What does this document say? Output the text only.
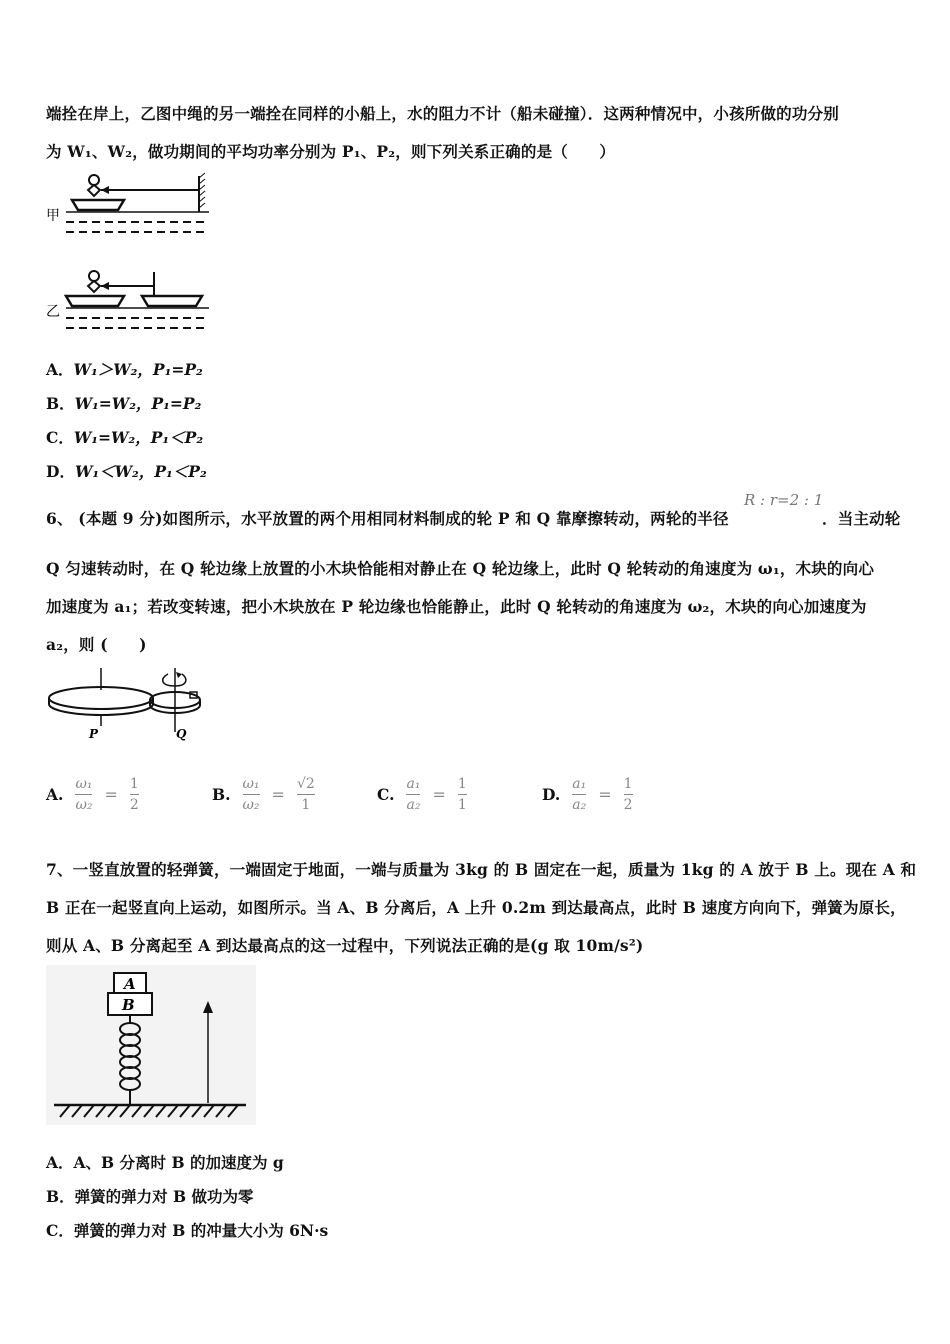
端拴在岸上，乙图中绳的另一端拴在同样的小船上，水的阻力不计（船未碰撞）．这两种情况中，小孩所做的功分别
为 W₁、W₂，做功期间的平均功率分别为 P₁、P₂，则下列关系正确的是（　　）
甲
乙
A．W₁＞W₂，P₁=P₂
B．W₁=W₂，P₁=P₂
C．W₁=W₂，P₁＜P₂
D．W₁＜W₂，P₁＜P₂
6、 (本题 9 分)如图所示，水平放置的两个用相同材料制成的轮 P 和 Q 靠摩擦转动，两轮的半径
R : r=2 : 1
．当主动轮
Q 匀速转动时，在 Q 轮边缘上放置的小木块恰能相对静止在 Q 轮边缘上，此时 Q 轮转动的角速度为 ω₁，木块的向心
加速度为 a₁；若改变转速，把小木块放在 P 轮边缘也恰能静止，此时 Q 轮转动的角速度为 ω₂，木块的向心加速度为
a₂，则 (　　)
P	Q
A.
ω₁
ω₂
=
1
2
B.
ω₁
ω₂
=
√2
1
C.
a₁
a₂
=
1
1
D.
a₁
a₂
=
1
2
7、一竖直放置的轻弹簧，一端固定于地面，一端与质量为 3kg 的 B 固定在一起，质量为 1kg 的 A 放于 B 上。现在 A 和
B 正在一起竖直向上运动，如图所示。当 A、B 分离后，A 上升 0.2m 到达最高点，此时 B 速度方向向下，弹簧为原长，
则从 A、B 分离起至 A 到达最高点的这一过程中，下列说法正确的是(g 取 10m/s²)
A
B
A．A、B 分离时 B 的加速度为 g
B．弹簧的弹力对 B 做功为零
C．弹簧的弹力对 B 的冲量大小为 6N·s
